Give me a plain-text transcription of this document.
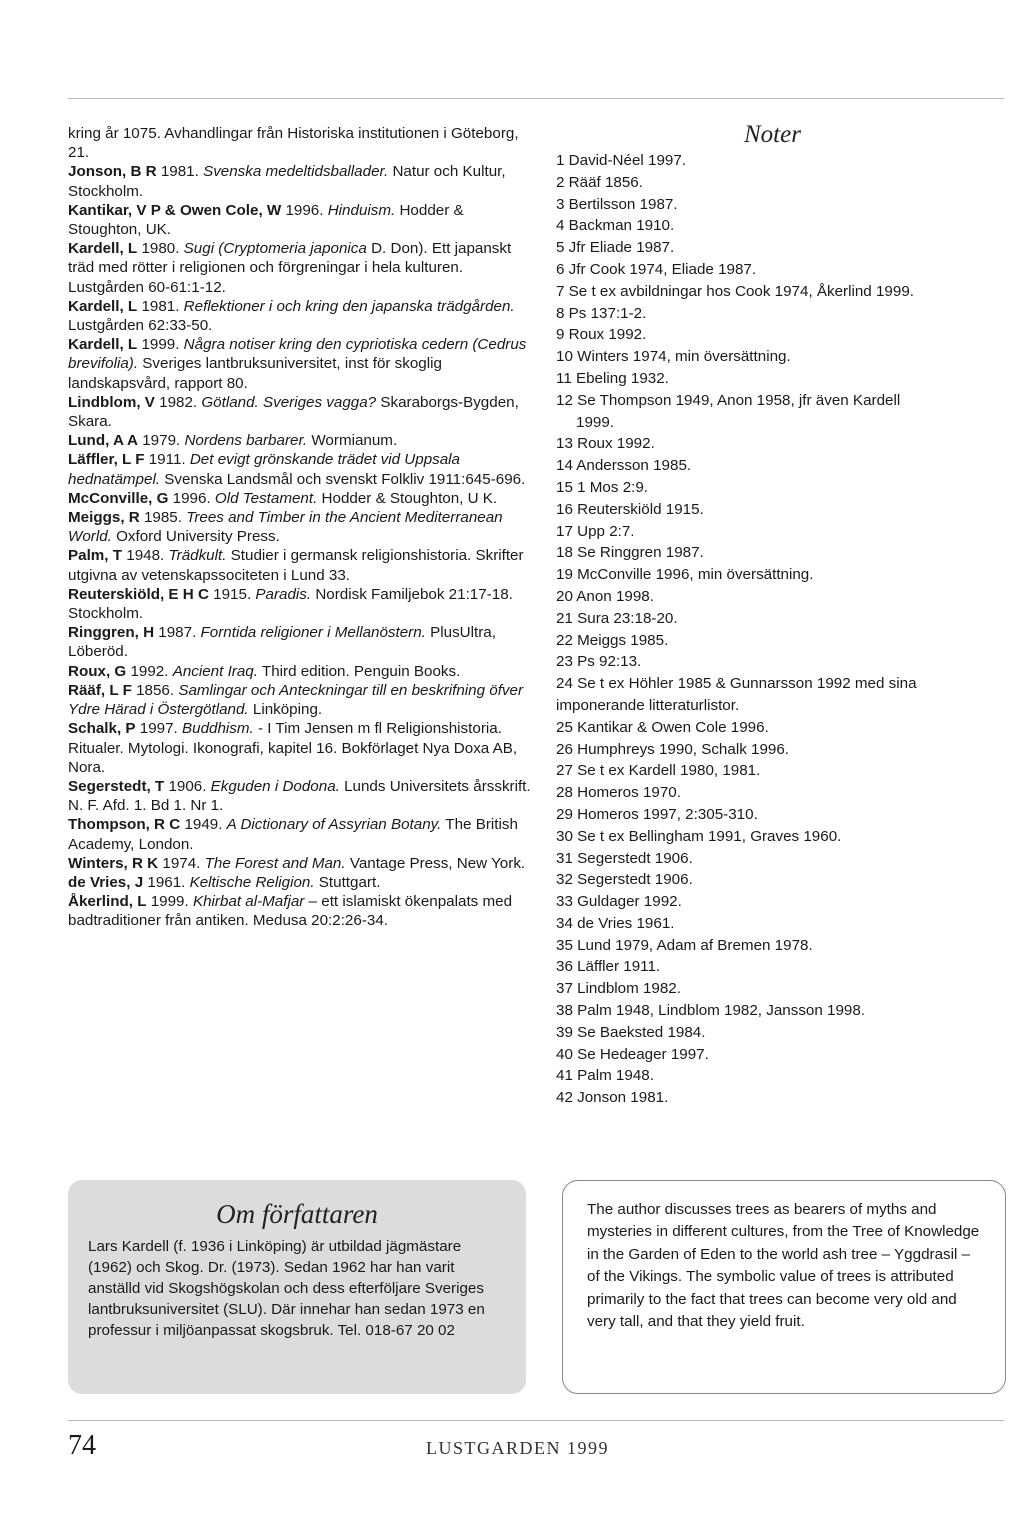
kring år 1075. Avhandlingar från Historiska institutionen i Göteborg, 21.

Jonson, B R 1981. Svenska medeltidsballader. Natur och Kultur, Stockholm.

Kantikar, V P & Owen Cole, W 1996. Hinduism. Hodder & Stoughton, UK.

Kardell, L 1980. Sugi (Cryptomeria japonica D. Don). Ett japanskt träd med rötter i religionen och förgreningar i hela kulturen. Lustgården 60-61:1-12.

Kardell, L 1981. Reflektioner i och kring den japanska trädgården. Lustgården 62:33-50.

Kardell, L 1999. Några notiser kring den cypriotiska cedern (Cedrus brevifolia). Sveriges lantbruksuniversitet, inst för skoglig landskapsvård, rapport 80.

Lindblom, V 1982. Götland. Sveriges vagga? Skaraborgs-Bygden, Skara.

Lund, A A 1979. Nordens barbarer. Wormianum.

Läffler, L F 1911. Det evigt grönskande trädet vid Uppsala hednatämpel. Svenska Landsmål och svenskt Folkliv 1911:645-696.

McConville, G 1996. Old Testament. Hodder & Stoughton, U K.

Meiggs, R 1985. Trees and Timber in the Ancient Mediterranean World. Oxford University Press.

Palm, T 1948. Trädkult. Studier i germansk religionshistoria. Skrifter utgivna av vetenskapssociteten i Lund 33.

Reuterskiöld, E H C 1915. Paradis. Nordisk Familjebok 21:17-18. Stockholm.

Ringgren, H 1987. Forntida religioner i Mellanöstern. PlusUltra, Löberöd.

Roux, G 1992. Ancient Iraq. Third edition. Penguin Books.

Rääf, L F 1856. Samlingar och Anteckningar till en beskrifning öfver Ydre Härad i Östergötland. Linköping.

Schalk, P 1997. Buddhism. - I Tim Jensen m fl Religionshistoria. Ritualer. Mytologi. Ikonografi, kapitel 16. Bokförlaget Nya Doxa AB, Nora.

Segerstedt, T 1906. Ekguden i Dodona. Lunds Universitets årsskrift. N. F. Afd. 1. Bd 1. Nr 1.

Thompson, R C 1949. A Dictionary of Assyrian Botany. The British Academy, London.

Winters, R K 1974. The Forest and Man. Vantage Press, New York.

de Vries, J 1961. Keltische Religion. Stuttgart.

Åkerlind, L 1999. Khirbat al-Mafjar – ett islamiskt ökenpalats med badtraditioner från antiken. Medusa 20:2:26-34.

Noter

1 David-Néel 1997.
2 Rääf 1856.
3 Bertilsson 1987.
4 Backman 1910.
5 Jfr Eliade 1987.
6 Jfr Cook 1974, Eliade 1987.
7 Se t ex avbildningar hos Cook 1974, Åkerlind 1999.
8 Ps 137:1-2.
9 Roux 1992.
10 Winters 1974, min översättning.
11 Ebeling 1932.
12 Se Thompson 1949, Anon 1958, jfr även Kardell
1999.
13 Roux 1992.
14 Andersson 1985.
15 1 Mos 2:9.
16 Reuterskiöld 1915.
17 Upp 2:7.
18 Se Ringgren 1987.
19 McConville 1996, min översättning.
20 Anon 1998.
21 Sura 23:18-20.
22 Meiggs 1985.
23 Ps 92:13.
24 Se t ex Höhler 1985 & Gunnarsson 1992 med sina imponerande litteraturlistor.
25 Kantikar & Owen Cole 1996.
26 Humphreys 1990, Schalk 1996.
27 Se t ex Kardell 1980, 1981.
28 Homeros 1970.
29 Homeros 1997, 2:305-310.
30 Se t ex Bellingham 1991, Graves 1960.
31 Segerstedt 1906.
32 Segerstedt 1906.
33 Guldager 1992.
34 de Vries 1961.
35 Lund 1979, Adam af Bremen 1978.
36 Läffler 1911.
37 Lindblom 1982.
38 Palm 1948, Lindblom 1982, Jansson 1998.
39 Se Baeksted 1984.
40 Se Hedeager 1997.
41 Palm 1948.
42 Jonson 1981.

Om författaren

Lars Kardell (f. 1936 i Linköping) är utbildad jägmästare (1962) och Skog. Dr. (1973). Sedan 1962 har han varit anställd vid Skogshögskolan och dess efterföljare Sveriges lantbruksuniversitet (SLU). Där innehar han sedan 1973 en professur i miljöanpassat skogsbruk. Tel. 018-67 20 02

The author discusses trees as bearers of myths and mysteries in different cultures, from the Tree of Knowledge in the Garden of Eden to the world ash tree – Yggdrasil – of the Vikings. The symbolic value of trees is attributed primarily to the fact that trees can become very old and very tall, and that they yield fruit.

74	LUSTGARDEN 1999
